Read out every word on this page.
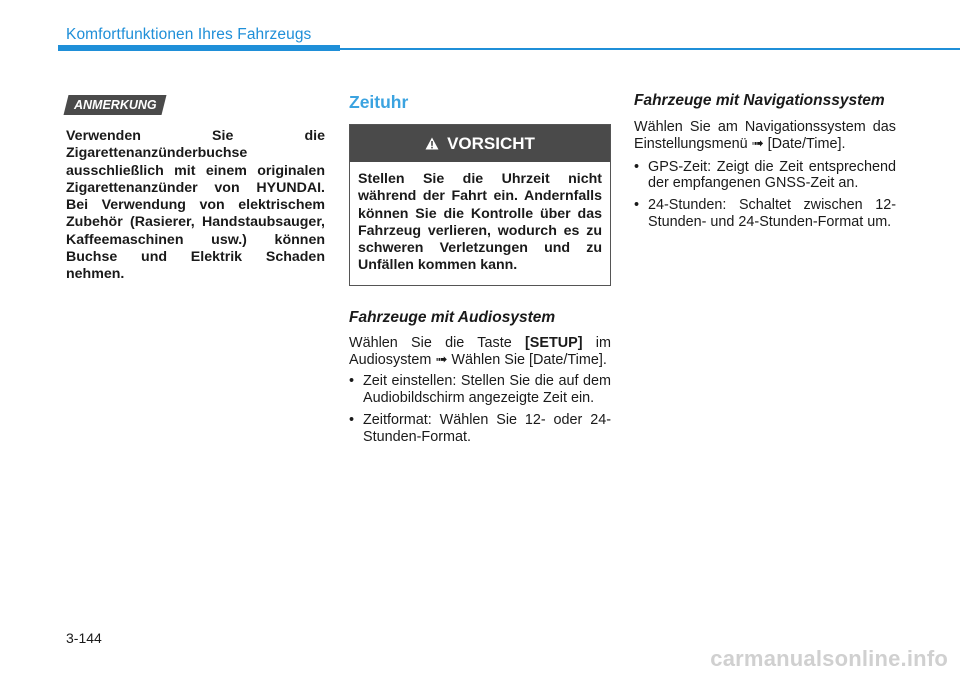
Komfortfunktionen Ihres Fahrzeugs
ANMERKUNG

Verwenden Sie die Zigarettenanzünderbuchse ausschließlich mit einem originalen Zigarettenanzünder von HYUNDAI. Bei Verwendung von elektrischem Zubehör (Rasierer, Handstaubsauger, Kaffeemaschinen usw.) können Buchse und Elektrik Schaden nehmen.

Zeituhr
VORSICHT

Stellen Sie die Uhrzeit nicht während der Fahrt ein. Andernfalls können Sie die Kontrolle über das Fahrzeug verlieren, wodurch es zu schweren Verletzungen und zu Unfällen kommen kann.

Fahrzeuge mit Audiosystem

Wählen Sie die Taste [SETUP] im Audiosystem ➟ Wählen Sie [Date/Time].

• Zeit einstellen: Stellen Sie die auf dem Audiobildschirm angezeigte Zeit ein.
• Zeitformat: Wählen Sie 12- oder 24-Stunden-Format.
Fahrzeuge mit Navigationssystem

Wählen Sie am Navigationssystem das Einstellungsmenü ➟ [Date/Time].

• GPS-Zeit: Zeigt die Zeit entsprechend der empfangenen GNSS-Zeit an.
• 24-Stunden: Schaltet zwischen 12-Stunden- und 24-Stunden-Format um.
3-144
carmanualsonline.info
